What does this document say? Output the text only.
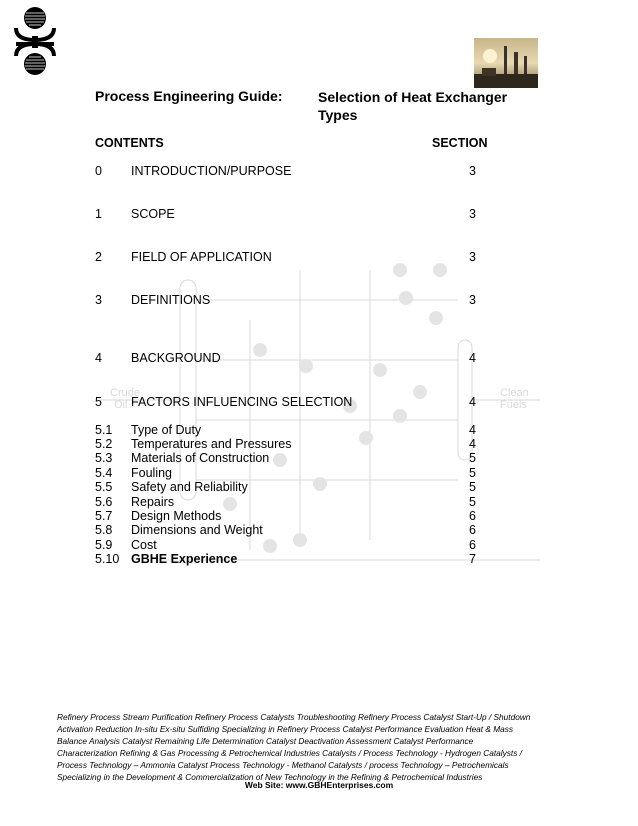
Crude
Oil
Clean
Fuels
Process Engineering Guide:	Selection of Heat Exchanger Types
CONTENTS	SECTION
0 INTRODUCTION/PURPOSE	3
1 SCOPE	3
2 FIELD OF APPLICATION	3
3 DEFINITIONS	3
4 BACKGROUND	4
5 FACTORS INFLUENCING SELECTION	4
5.1 Type of Duty	4
5.2 Temperatures and Pressures	4
5.3 Materials of Construction	5
5.4 Fouling	5
5.5 Safety and Reliability	5
5.6 Repairs	5
5.7 Design Methods	6
5.8 Dimensions and Weight	6
5.9 Cost	6
5.10 GBHE Experience	7
Refinery Process Stream Purification Refinery Process Catalysts Troubleshooting Refinery Process Catalyst Start-Up / Shutdown
Activation Reduction In-situ Ex-situ Sulfiding Specializing in Refinery Process Catalyst Performance Evaluation Heat & Mass
Balance Analysis Catalyst Remaining Life Determination Catalyst Deactivation Assessment Catalyst Performance
Characterization Refining & Gas Processing & Petrochemical Industries Catalysts / Process Technology - Hydrogen Catalysts /
Process Technology – Ammonia Catalyst Process Technology - Methanol Catalysts / process Technology – Petrochemicals
Specializing in the Development & Commercialization of New Technology in the Refining & Petrochemical Industries
Web Site: www.GBHEnterprises.com
